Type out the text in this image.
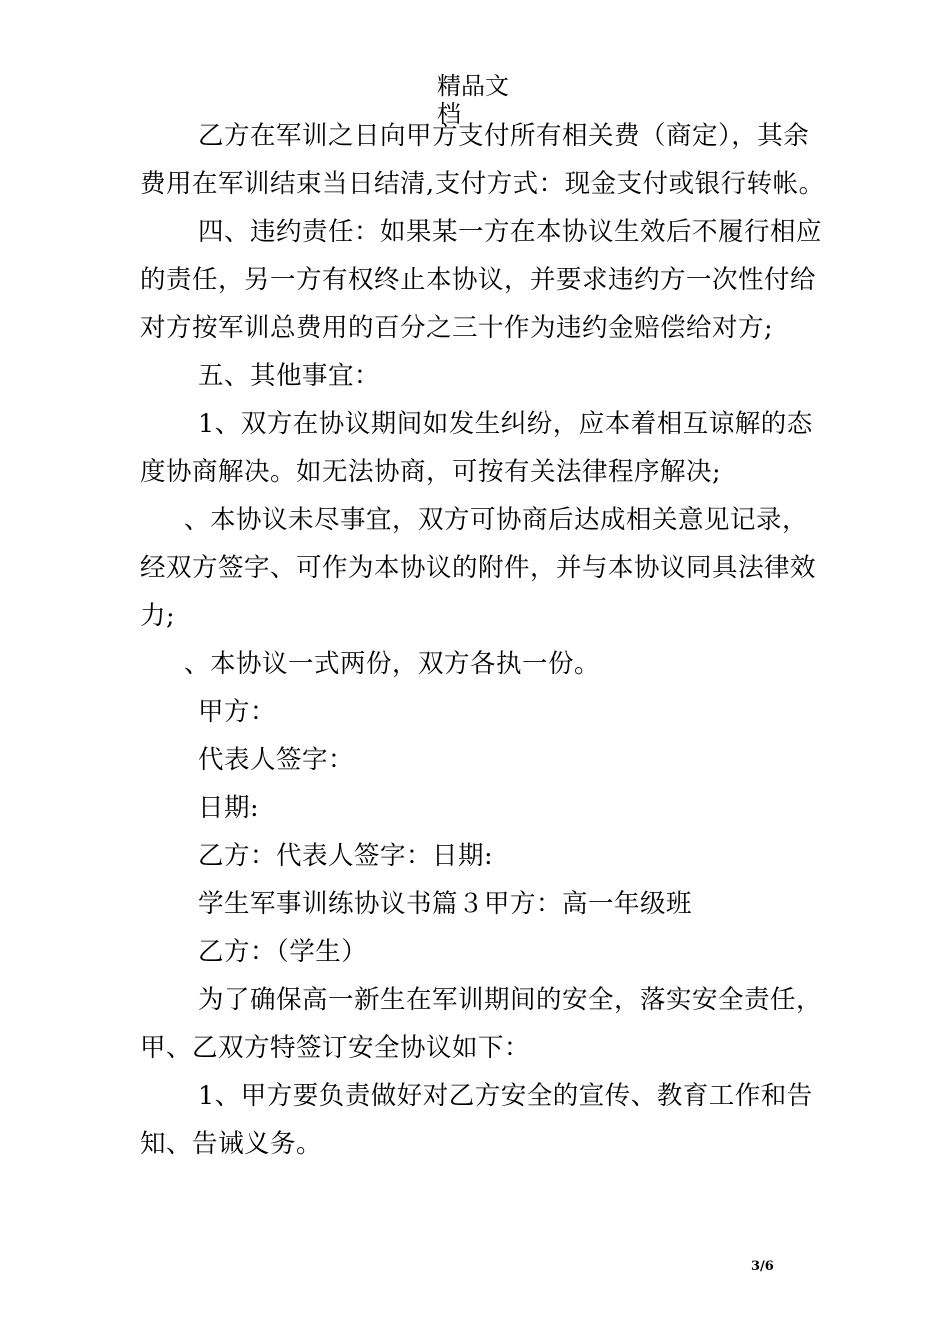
精品文档

乙方在军训之日向甲方支付所有相关费（商定），其余

费用在军训结束当日结清,支付方式：现金支付或银行转帐。

四、违约责任：如果某一方在本协议生效后不履行相应

的责任，另一方有权终止本协议，并要求违约方一次性付给

对方按军训总费用的百分之三十作为违约金赔偿给对方;

五、其他事宜：

1、双方在协议期间如发生纠纷，应本着相互谅解的态

度协商解决。如无法协商，可按有关法律程序解决;

、本协议未尽事宜，双方可协商后达成相关意见记录，

经双方签字、可作为本协议的附件，并与本协议同具法律效

力;

、本协议一式两份，双方各执一份。

甲方：

代表人签字：

日期:

乙方：代表人签字：日期:

学生军事训练协议书篇３甲方：高一年级班

乙方：（学生）

为了确保高一新生在军训期间的安全，落实安全责任，

甲、乙双方特签订安全协议如下：

1、甲方要负责做好对乙方安全的宣传、教育工作和告

知、告诫义务。

3/6
